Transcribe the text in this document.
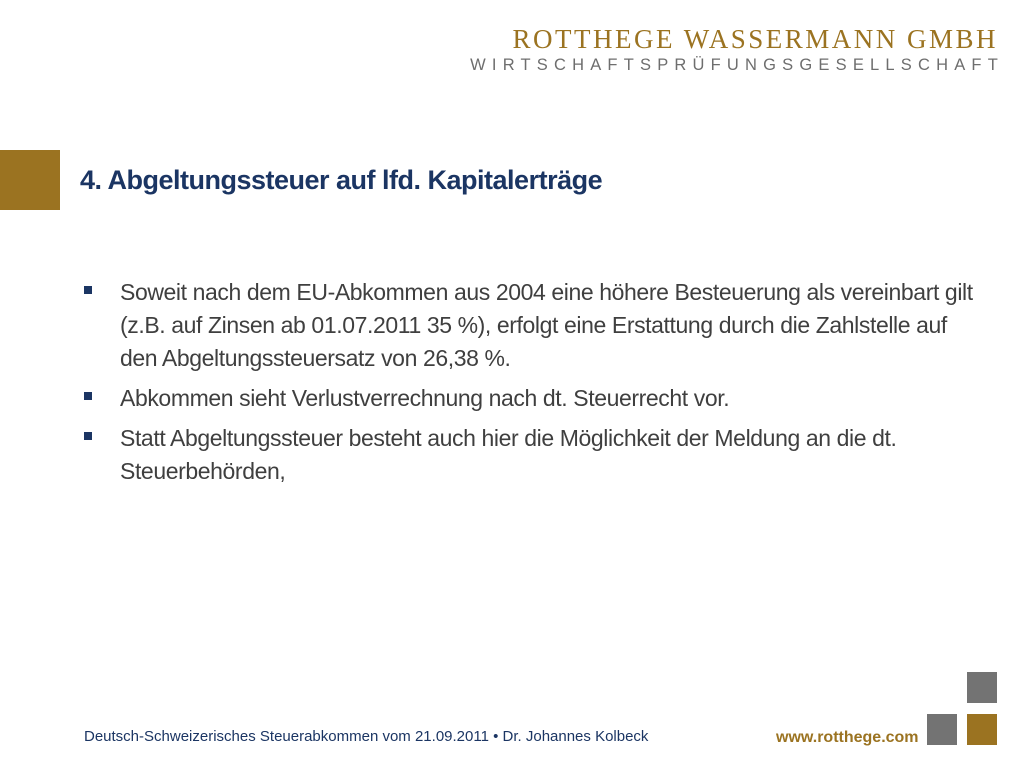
ROTTHEGE WASSERMANN GMBH
WIRTSCHAFTSPRÜFUNGSGESELLSCHAFT
4. Abgeltungssteuer auf lfd. Kapitalerträge
Soweit nach dem EU-Abkommen aus 2004 eine höhere Besteuerung als vereinbart gilt (z.B. auf Zinsen ab 01.07.2011 35 %), erfolgt eine Erstattung durch die Zahlstelle auf den Abgeltungssteuersatz von 26,38 %.
Abkommen sieht Verlustverrechnung nach dt. Steuerrecht vor.
Statt Abgeltungssteuer besteht auch hier die Möglichkeit der Meldung an die dt. Steuerbehörden,
Deutsch-Schweizerisches Steuerabkommen vom 21.09.2011 • Dr. Johannes Kolbeck	www.rotthege.com
